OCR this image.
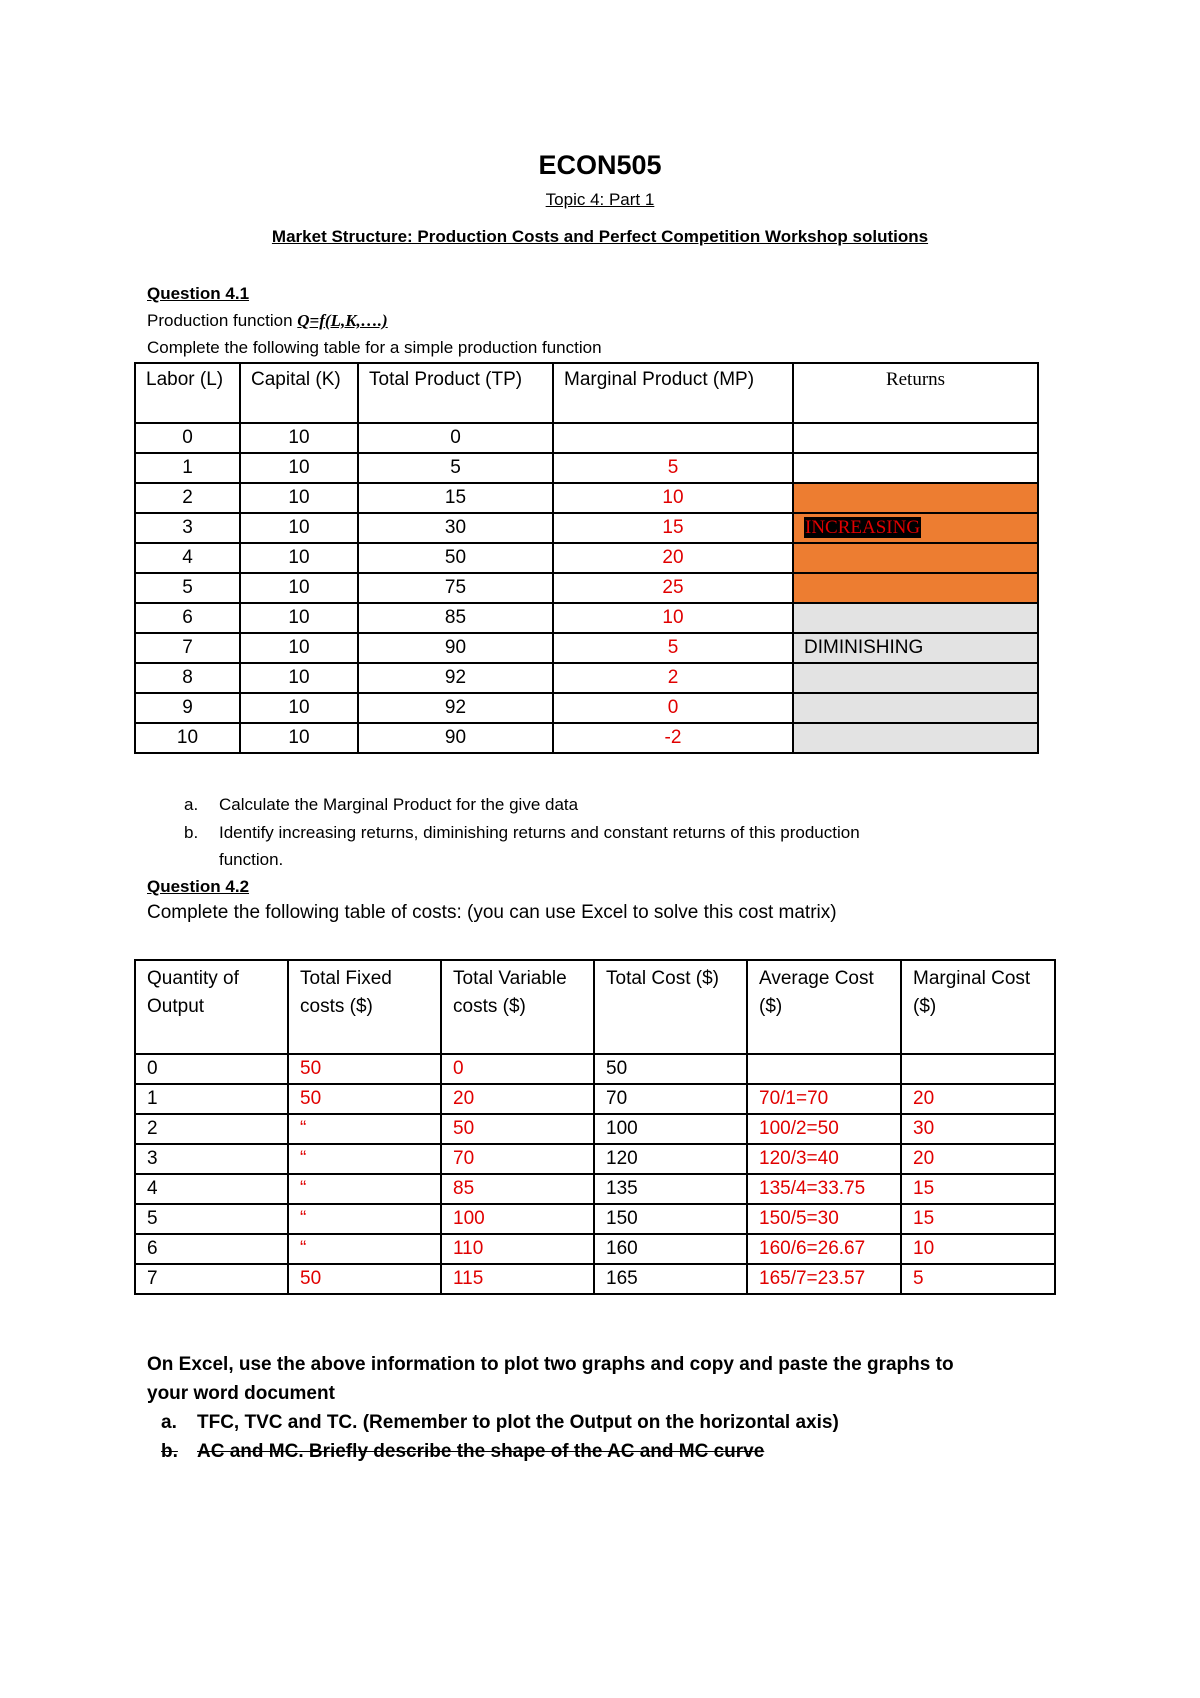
ECON505
Topic 4: Part 1
Market Structure: Production Costs and Perfect Competition Workshop solutions
Question 4.1
Production function Q=f(L,K,….)
Complete the following table for a simple production function
Labor (L)	Capital (K)	Total Product (TP)	Marginal Product (MP)	Returns
0	10	0		
1	10	5	5	
2	10	15	10	
3	10	30	15	INCREASING
4	10	50	20	
5	10	75	25	
6	10	85	10	
7	10	90	5	DIMINISHING
8	10	92	2	
9	10	92	0	
10	10	90	-2	
a. Calculate the Marginal Product for the give data
b. Identify increasing returns, diminishing returns and constant returns of this production
function.
Question 4.2
Complete the following table of costs: (you can use Excel to solve this cost matrix)
Quantity of Output	Total Fixed costs ($)	Total Variable costs ($)	Total Cost ($)	Average Cost ($)	Marginal Cost ($)
0	50	0	50		
1	50	20	70	70/1=70	20
2	“	50	100	100/2=50	30
3	“	70	120	120/3=40	20
4	“	85	135	135/4=33.75	15
5	“	100	150	150/5=30	15
6	“	110	160	160/6=26.67	10
7	50	115	165	165/7=23.57	5
On Excel, use the above information to plot two graphs and copy and paste the graphs to
your word document
a. TFC, TVC and TC. (Remember to plot the Output on the horizontal axis)
b. AC and MC. Briefly describe the shape of the AC and MC curve
